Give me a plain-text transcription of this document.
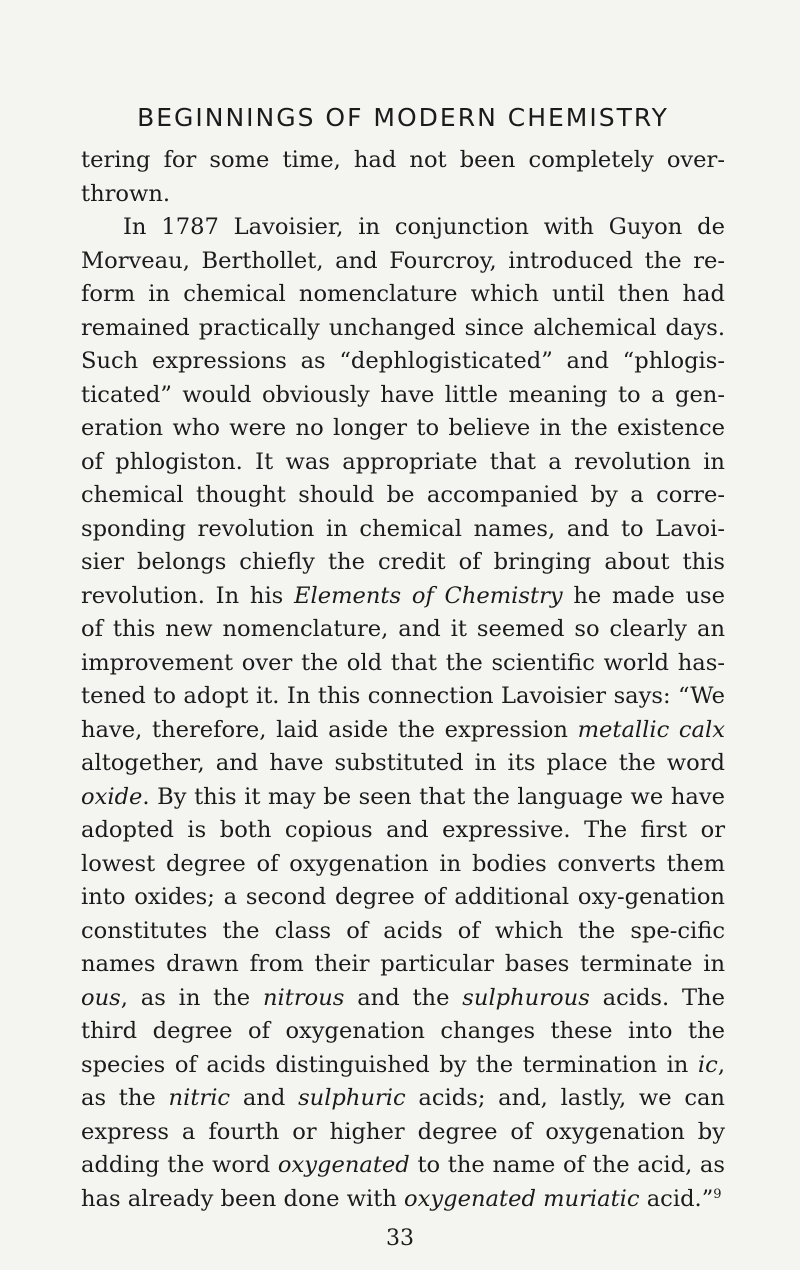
BEGINNINGS OF MODERN CHEMISTRY

tering for some time, had not been completely over-thrown.

In 1787 Lavoisier, in conjunction with Guyon de Morveau, Berthollet, and Fourcroy, introduced the re-form in chemical nomenclature which until then had remained practically unchanged since alchemical days. Such expressions as “dephlogisticated” and “phlogis-ticated” would obviously have little meaning to a gen-eration who were no longer to believe in the existence of phlogiston. It was appropriate that a revolution in chemical thought should be accompanied by a corre-sponding revolution in chemical names, and to Lavoi-sier belongs chiefly the credit of bringing about this revolution. In his Elements of Chemistry he made use of this new nomenclature, and it seemed so clearly an improvement over the old that the scientific world has-tened to adopt it. In this connection Lavoisier says: “We have, therefore, laid aside the expression metallic calx altogether, and have substituted in its place the word oxide. By this it may be seen that the language we have adopted is both copious and expressive. The first or lowest degree of oxygenation in bodies converts them into oxides; a second degree of additional oxy-genation constitutes the class of acids of which the spe-cific names drawn from their particular bases terminate in ous, as in the nitrous and the sulphurous acids. The third degree of oxygenation changes these into the species of acids distinguished by the termination in ic, as the nitric and sulphuric acids; and, lastly, we can express a fourth or higher degree of oxygenation by adding the word oxygenated to the name of the acid, as has already been done with oxygenated muriatic acid.”$^9$

33
